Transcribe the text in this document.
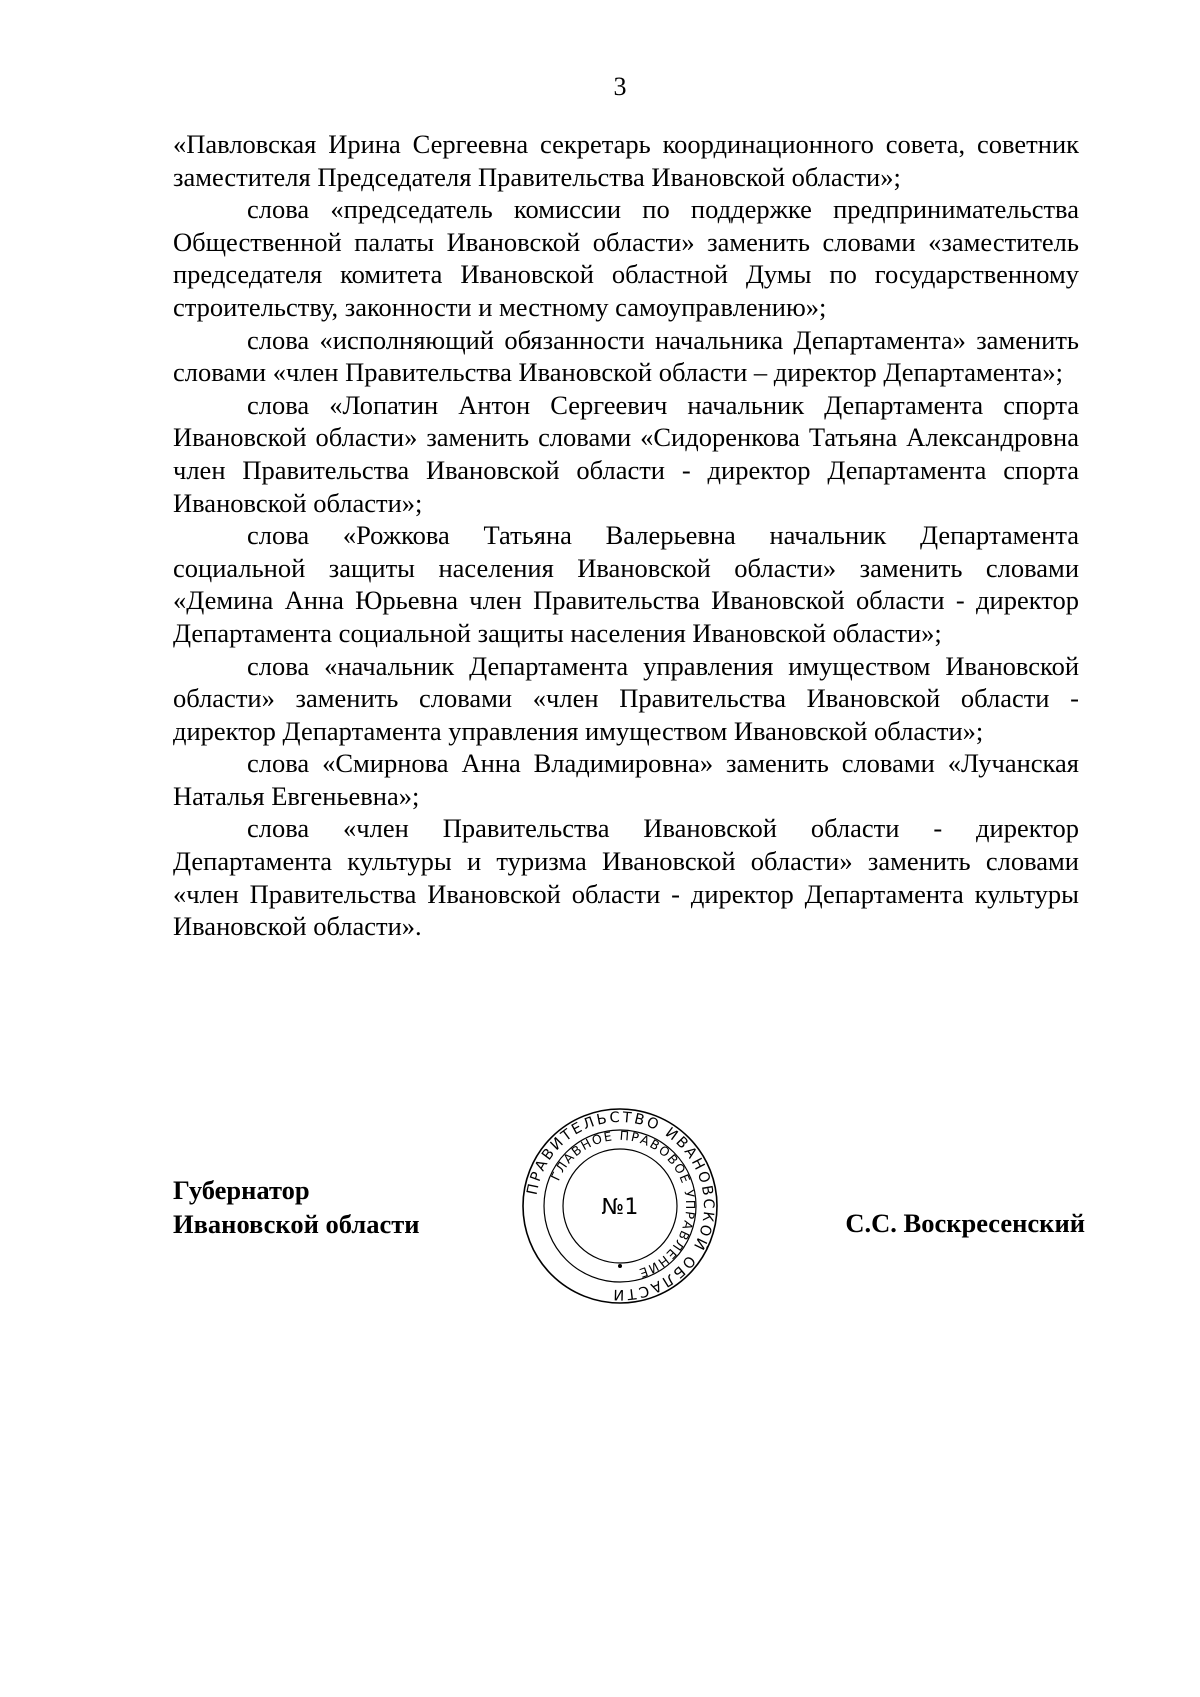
3

«Павловская Ирина Сергеевна секретарь координационного совета, советник заместителя Председателя Правительства Ивановской области»;

слова «председатель комиссии по поддержке предпринимательства Общественной палаты Ивановской области» заменить словами «заместитель председателя комитета Ивановской областной Думы по государственному строительству, законности и местному самоуправлению»;

слова «исполняющий обязанности начальника Департамента» заменить словами «член Правительства Ивановской области – директор Департамента»;

слова «Лопатин Антон Сергеевич начальник Департамента спорта Ивановской области» заменить словами «Сидоренкова Татьяна Александровна член Правительства Ивановской области - директор Департамента спорта Ивановской области»;

слова «Рожкова Татьяна Валерьевна начальник Департамента социальной защиты населения Ивановской области» заменить словами «Демина Анна Юрьевна член Правительства Ивановской области - директор Департамента социальной защиты населения Ивановской области»;

слова «начальник Департамента управления имуществом Ивановской области» заменить словами «член Правительства Ивановской области - директор Департамента управления имуществом Ивановской области»;

слова «Смирнова Анна Владимировна» заменить словами «Лучанская Наталья Евгеньевна»;

слова «член Правительства Ивановской области - директор Департамента культуры и туризма Ивановской области» заменить словами «член Правительства Ивановской области - директор Департамента культуры Ивановской области».

Губернатор
Ивановской области
ПРАВИТЕЛЬСТВО ИВАНОВСКОЙ ОБЛАСТИ
ГЛАВНОЕ ПРАВОВОЕ УПРАВЛЕНИЕ
№1
С.С. Воскресенский
